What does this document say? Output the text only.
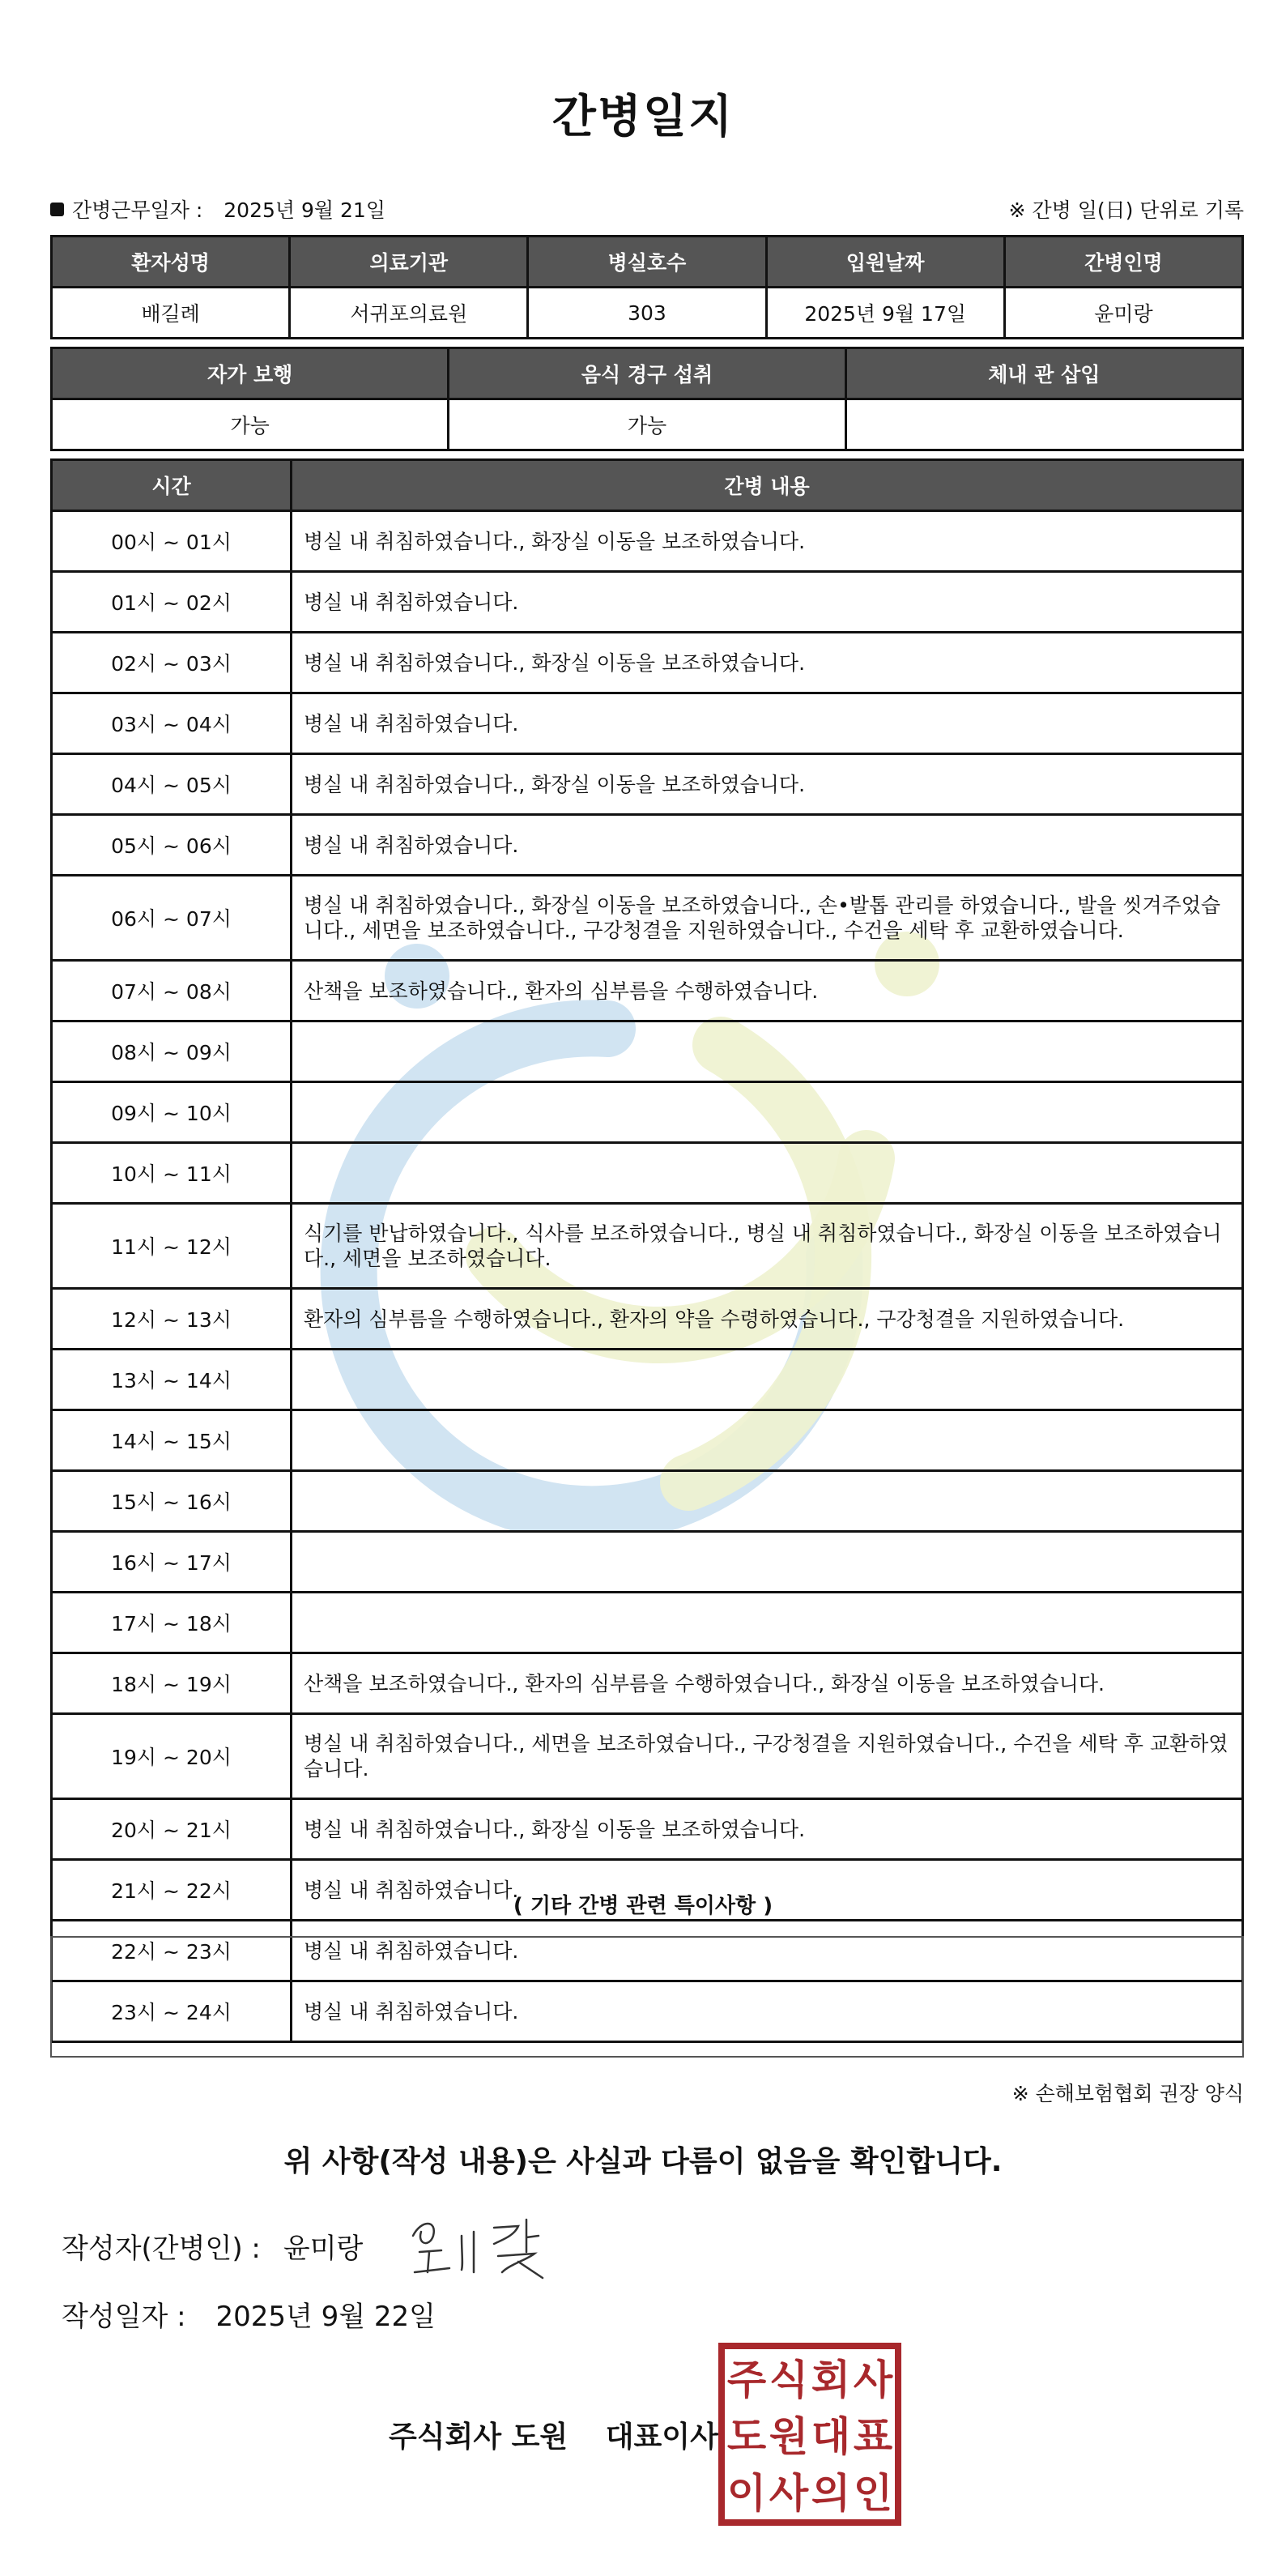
간병일지
간병근무일자 : 2025년 9월 21일	※ 간병 일(日) 단위로 기록
환자성명	의료기관	병실호수	입원날짜	간병인명
배길례	서귀포의료원	303	2025년 9월 17일	윤미랑
자가 보행	음식 경구 섭취	체내 관 삽입
가능	가능	
시간	간병 내용
00시 ~ 01시	병실 내 취침하였습니다., 화장실 이동을 보조하였습니다.
01시 ~ 02시	병실 내 취침하였습니다.
02시 ~ 03시	병실 내 취침하였습니다., 화장실 이동을 보조하였습니다.
03시 ~ 04시	병실 내 취침하였습니다.
04시 ~ 05시	병실 내 취침하였습니다., 화장실 이동을 보조하였습니다.
05시 ~ 06시	병실 내 취침하였습니다.
06시 ~ 07시	병실 내 취침하였습니다., 화장실 이동을 보조하였습니다., 손•발톱 관리를 하였습니다., 발을 씻겨주었습니다., 세면을 보조하였습니다., 구강청결을 지원하였습니다., 수건을 세탁 후 교환하였습니다.
07시 ~ 08시	산책을 보조하였습니다., 환자의 심부름을 수행하였습니다.
08시 ~ 09시	
09시 ~ 10시	
10시 ~ 11시	
11시 ~ 12시	식기를 반납하였습니다., 식사를 보조하였습니다., 병실 내 취침하였습니다., 화장실 이동을 보조하였습니다., 세면을 보조하였습니다.
12시 ~ 13시	환자의 심부름을 수행하였습니다., 환자의 약을 수령하였습니다., 구강청결을 지원하였습니다.
13시 ~ 14시	
14시 ~ 15시	
15시 ~ 16시	
16시 ~ 17시	
17시 ~ 18시	
18시 ~ 19시	산책을 보조하였습니다., 환자의 심부름을 수행하였습니다., 화장실 이동을 보조하였습니다.
19시 ~ 20시	병실 내 취침하였습니다., 세면을 보조하였습니다., 구강청결을 지원하였습니다., 수건을 세탁 후 교환하였습니다.
20시 ~ 21시	병실 내 취침하였습니다., 화장실 이동을 보조하였습니다.
21시 ~ 22시	병실 내 취침하였습니다.
22시 ~ 23시	병실 내 취침하였습니다.
23시 ~ 24시	병실 내 취침하였습니다.
( 기타 간병 관련 특이사항 )
※ 손해보험협회 권장 양식
위 사항(작성 내용)은 사실과 다름이 없음을 확인합니다.
작성자(간병인) : 윤미랑
작성일자 : 2025년 9월 22일
주식회사 도원 대표이사
주 식 회 사
도 원 대 표
이 사 의 인
